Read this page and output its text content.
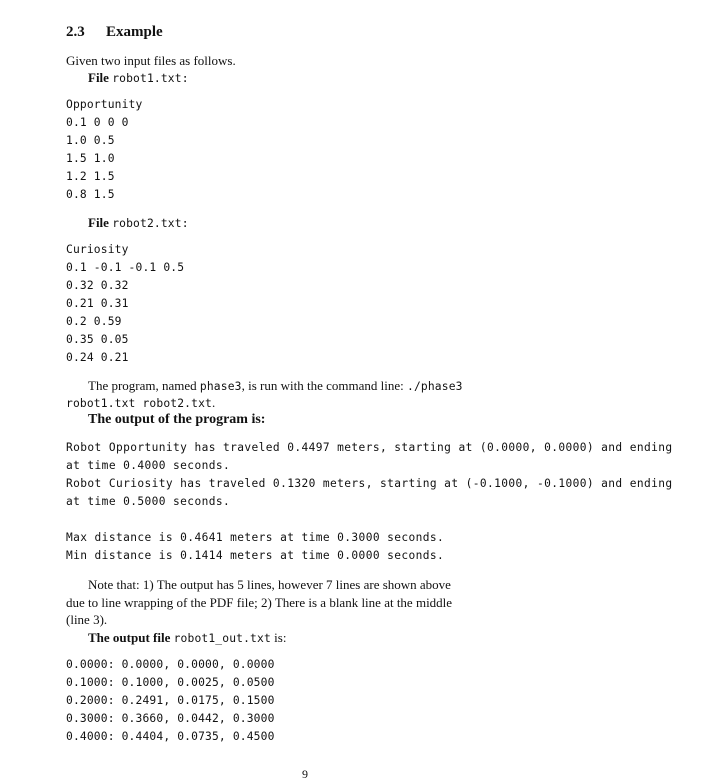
2.3 Example
Given two input files as follows.
File robot1.txt:
Opportunity
0.1 0 0 0
1.0 0.5
1.5 1.0
1.2 1.5
0.8 1.5
File robot2.txt:
Curiosity
0.1 -0.1 -0.1 0.5
0.32 0.32
0.21 0.31
0.2 0.59
0.35 0.05
0.24 0.21
The program, named phase3, is run with the command line: ./phase3
robot1.txt robot2.txt.
The output of the program is:
Robot Opportunity has traveled 0.4497 meters, starting at (0.0000, 0.0000) and ending
at time 0.4000 seconds.
Robot Curiosity has traveled 0.1320 meters, starting at (-0.1000, -0.1000) and ending
at time 0.5000 seconds.
Max distance is 0.4641 meters at time 0.3000 seconds.
Min distance is 0.1414 meters at time 0.0000 seconds.
Note that: 1) The output has 5 lines, however 7 lines are shown above
due to line wrapping of the PDF file; 2) There is a blank line at the middle
(line 3).
The output file robot1_out.txt is:
0.0000: 0.0000, 0.0000, 0.0000
0.1000: 0.1000, 0.0025, 0.0500
0.2000: 0.2491, 0.0175, 0.1500
0.3000: 0.3660, 0.0442, 0.3000
0.4000: 0.4404, 0.0735, 0.4500
9
